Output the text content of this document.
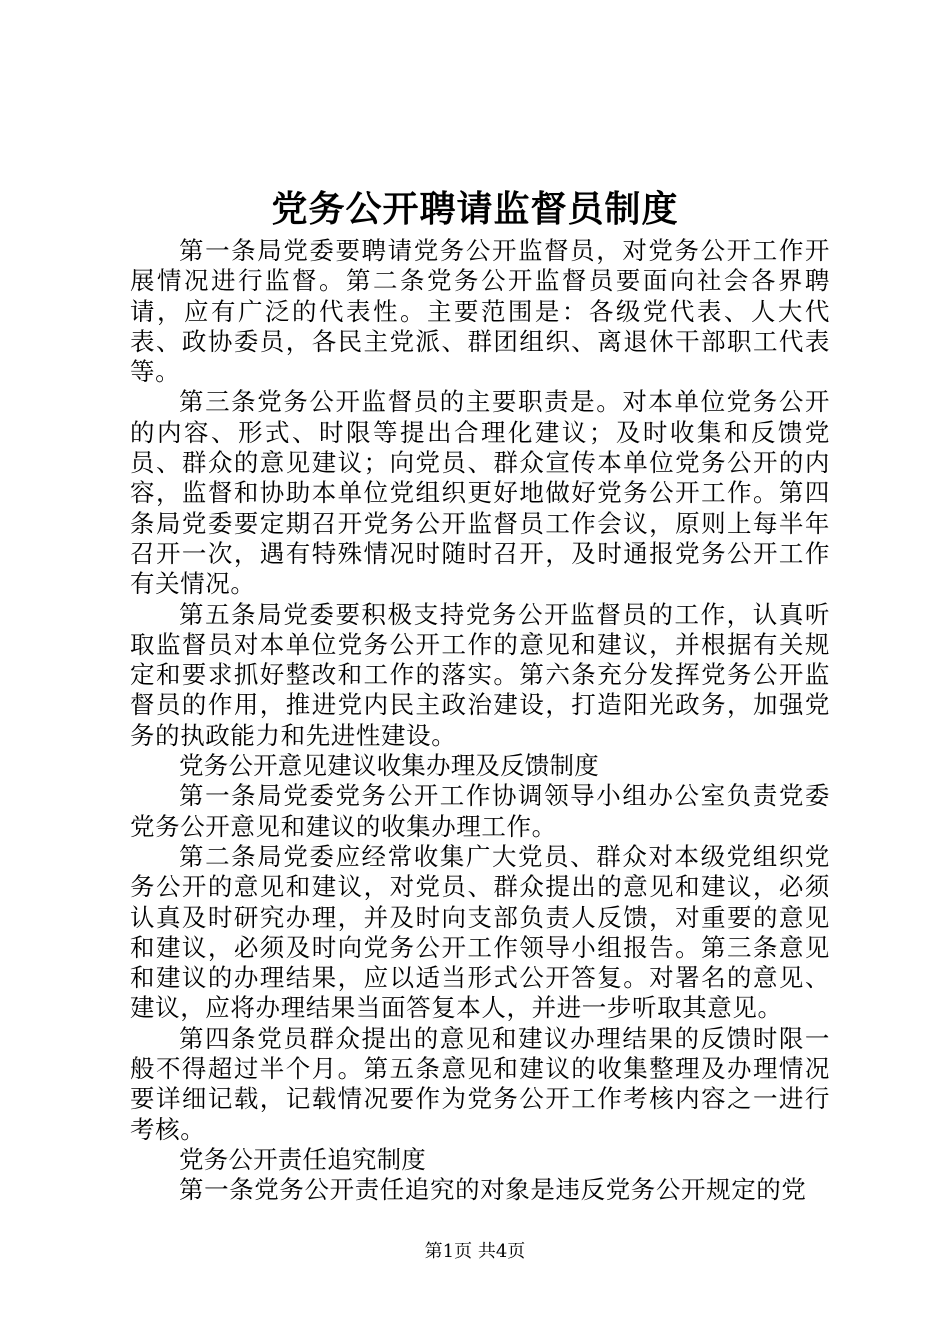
党务公开聘请监督员制度

第一条局党委要聘请党务公开监督员，对党务公开工作开展情况进行监督。第二条党务公开监督员要面向社会各界聘请，应有广泛的代表性。主要范围是：各级党代表、人大代表、政协委员，各民主党派、群团组织、离退休干部职工代表等。

第三条党务公开监督员的主要职责是。对本单位党务公开的内容、形式、时限等提出合理化建议；及时收集和反馈党员、群众的意见建议；向党员、群众宣传本单位党务公开的内容，监督和协助本单位党组织更好地做好党务公开工作。第四条局党委要定期召开党务公开监督员工作会议，原则上每半年召开一次，遇有特殊情况时随时召开，及时通报党务公开工作有关情况。

第五条局党委要积极支持党务公开监督员的工作，认真听取监督员对本单位党务公开工作的意见和建议，并根据有关规定和要求抓好整改和工作的落实。第六条充分发挥党务公开监督员的作用，推进党内民主政治建设，打造阳光政务，加强党务的执政能力和先进性建设。

党务公开意见建议收集办理及反馈制度

第一条局党委党务公开工作协调领导小组办公室负责党委党务公开意见和建议的收集办理工作。

第二条局党委应经常收集广大党员、群众对本级党组织党务公开的意见和建议，对党员、群众提出的意见和建议，必须认真及时研究办理，并及时向支部负责人反馈，对重要的意见和建议，必须及时向党务公开工作领导小组报告。第三条意见和建议的办理结果，应以适当形式公开答复。对署名的意见、建议，应将办理结果当面答复本人，并进一步听取其意见。

第四条党员群众提出的意见和建议办理结果的反馈时限一般不得超过半个月。第五条意见和建议的收集整理及办理情况要详细记载，记载情况要作为党务公开工作考核内容之一进行考核。

党务公开责任追究制度

第一条党务公开责任追究的对象是违反党务公开规定的党

第1页 共4页
